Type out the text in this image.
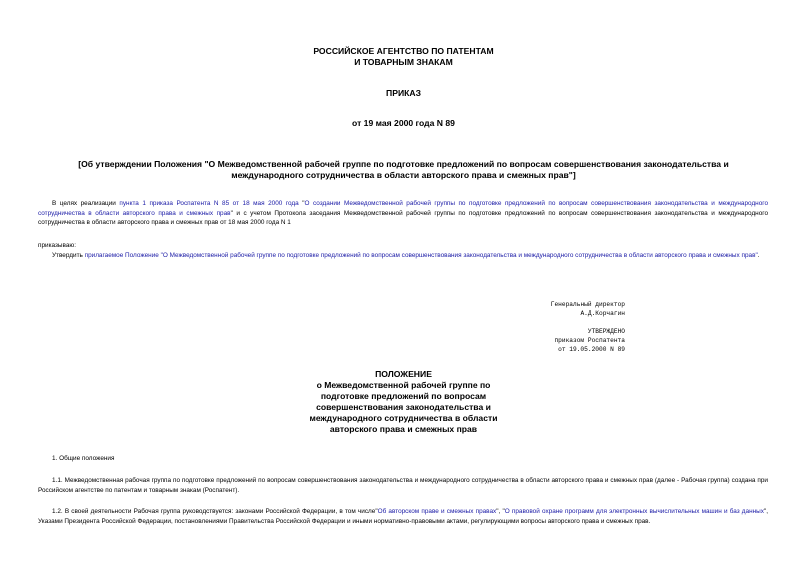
РОССИЙСКОЕ АГЕНТСТВО ПО ПАТЕНТАМ
И ТОВАРНЫМ ЗНАКАМ
ПРИКАЗ
от 19 мая 2000 года N 89
[Об утверждении Положения "О Межведомственной рабочей группе по подготовке предложений по вопросам совершенствования законодательства и
международного сотрудничества в области авторского права и смежных прав"]
В целях реализации пункта 1 приказа Роспатента N 85 от 18 мая 2000 года "О создании Межведомственной рабочей группы по подготовке предложений по вопросам совершенствования законодательства и международного сотрудничества в области авторского права и смежных прав" и с учетом Протокола заседания Межведомственной рабочей группы по подготовке предложений по вопросам совершенствования законодательства и международного сотрудничества в области авторского права и смежных прав от 18 мая 2000 года N 1
приказываю:
Утвердить прилагаемое Положение "О Межведомственной рабочей группе по подготовке предложений по вопросам совершенствования законодательства и международного сотрудничества в области авторского права и смежных прав".
Генеральный директор
А.Д.Корчагин
УТВЕРЖДЕНО
приказом Роспатента
от 19.05.2000 N 89
ПОЛОЖЕНИЕ
о Межведомственной рабочей группе по
подготовке предложений по вопросам
совершенствования законодательства и
международного сотрудничества в области
авторского права и смежных прав
1. Общие положения
1.1. Межведомственная рабочая группа по подготовке предложений по вопросам совершенствования законодательства и международного сотрудничества в области авторского права и смежных прав (далее - Рабочая группа) создана при Российском агентстве по патентам и товарным знакам (Роспатент).
1.2. В своей деятельности Рабочая группа руководствуется: законами Российской Федерации, в том числе"Об авторском праве и смежных правах", "О правовой охране программ для электронных вычислительных машин и баз данных", Указами Президента Российской Федерации, постановлениями Правительства Российской Федерации и иными нормативно-правовыми актами, регулирующими вопросы авторского права и смежных прав.
